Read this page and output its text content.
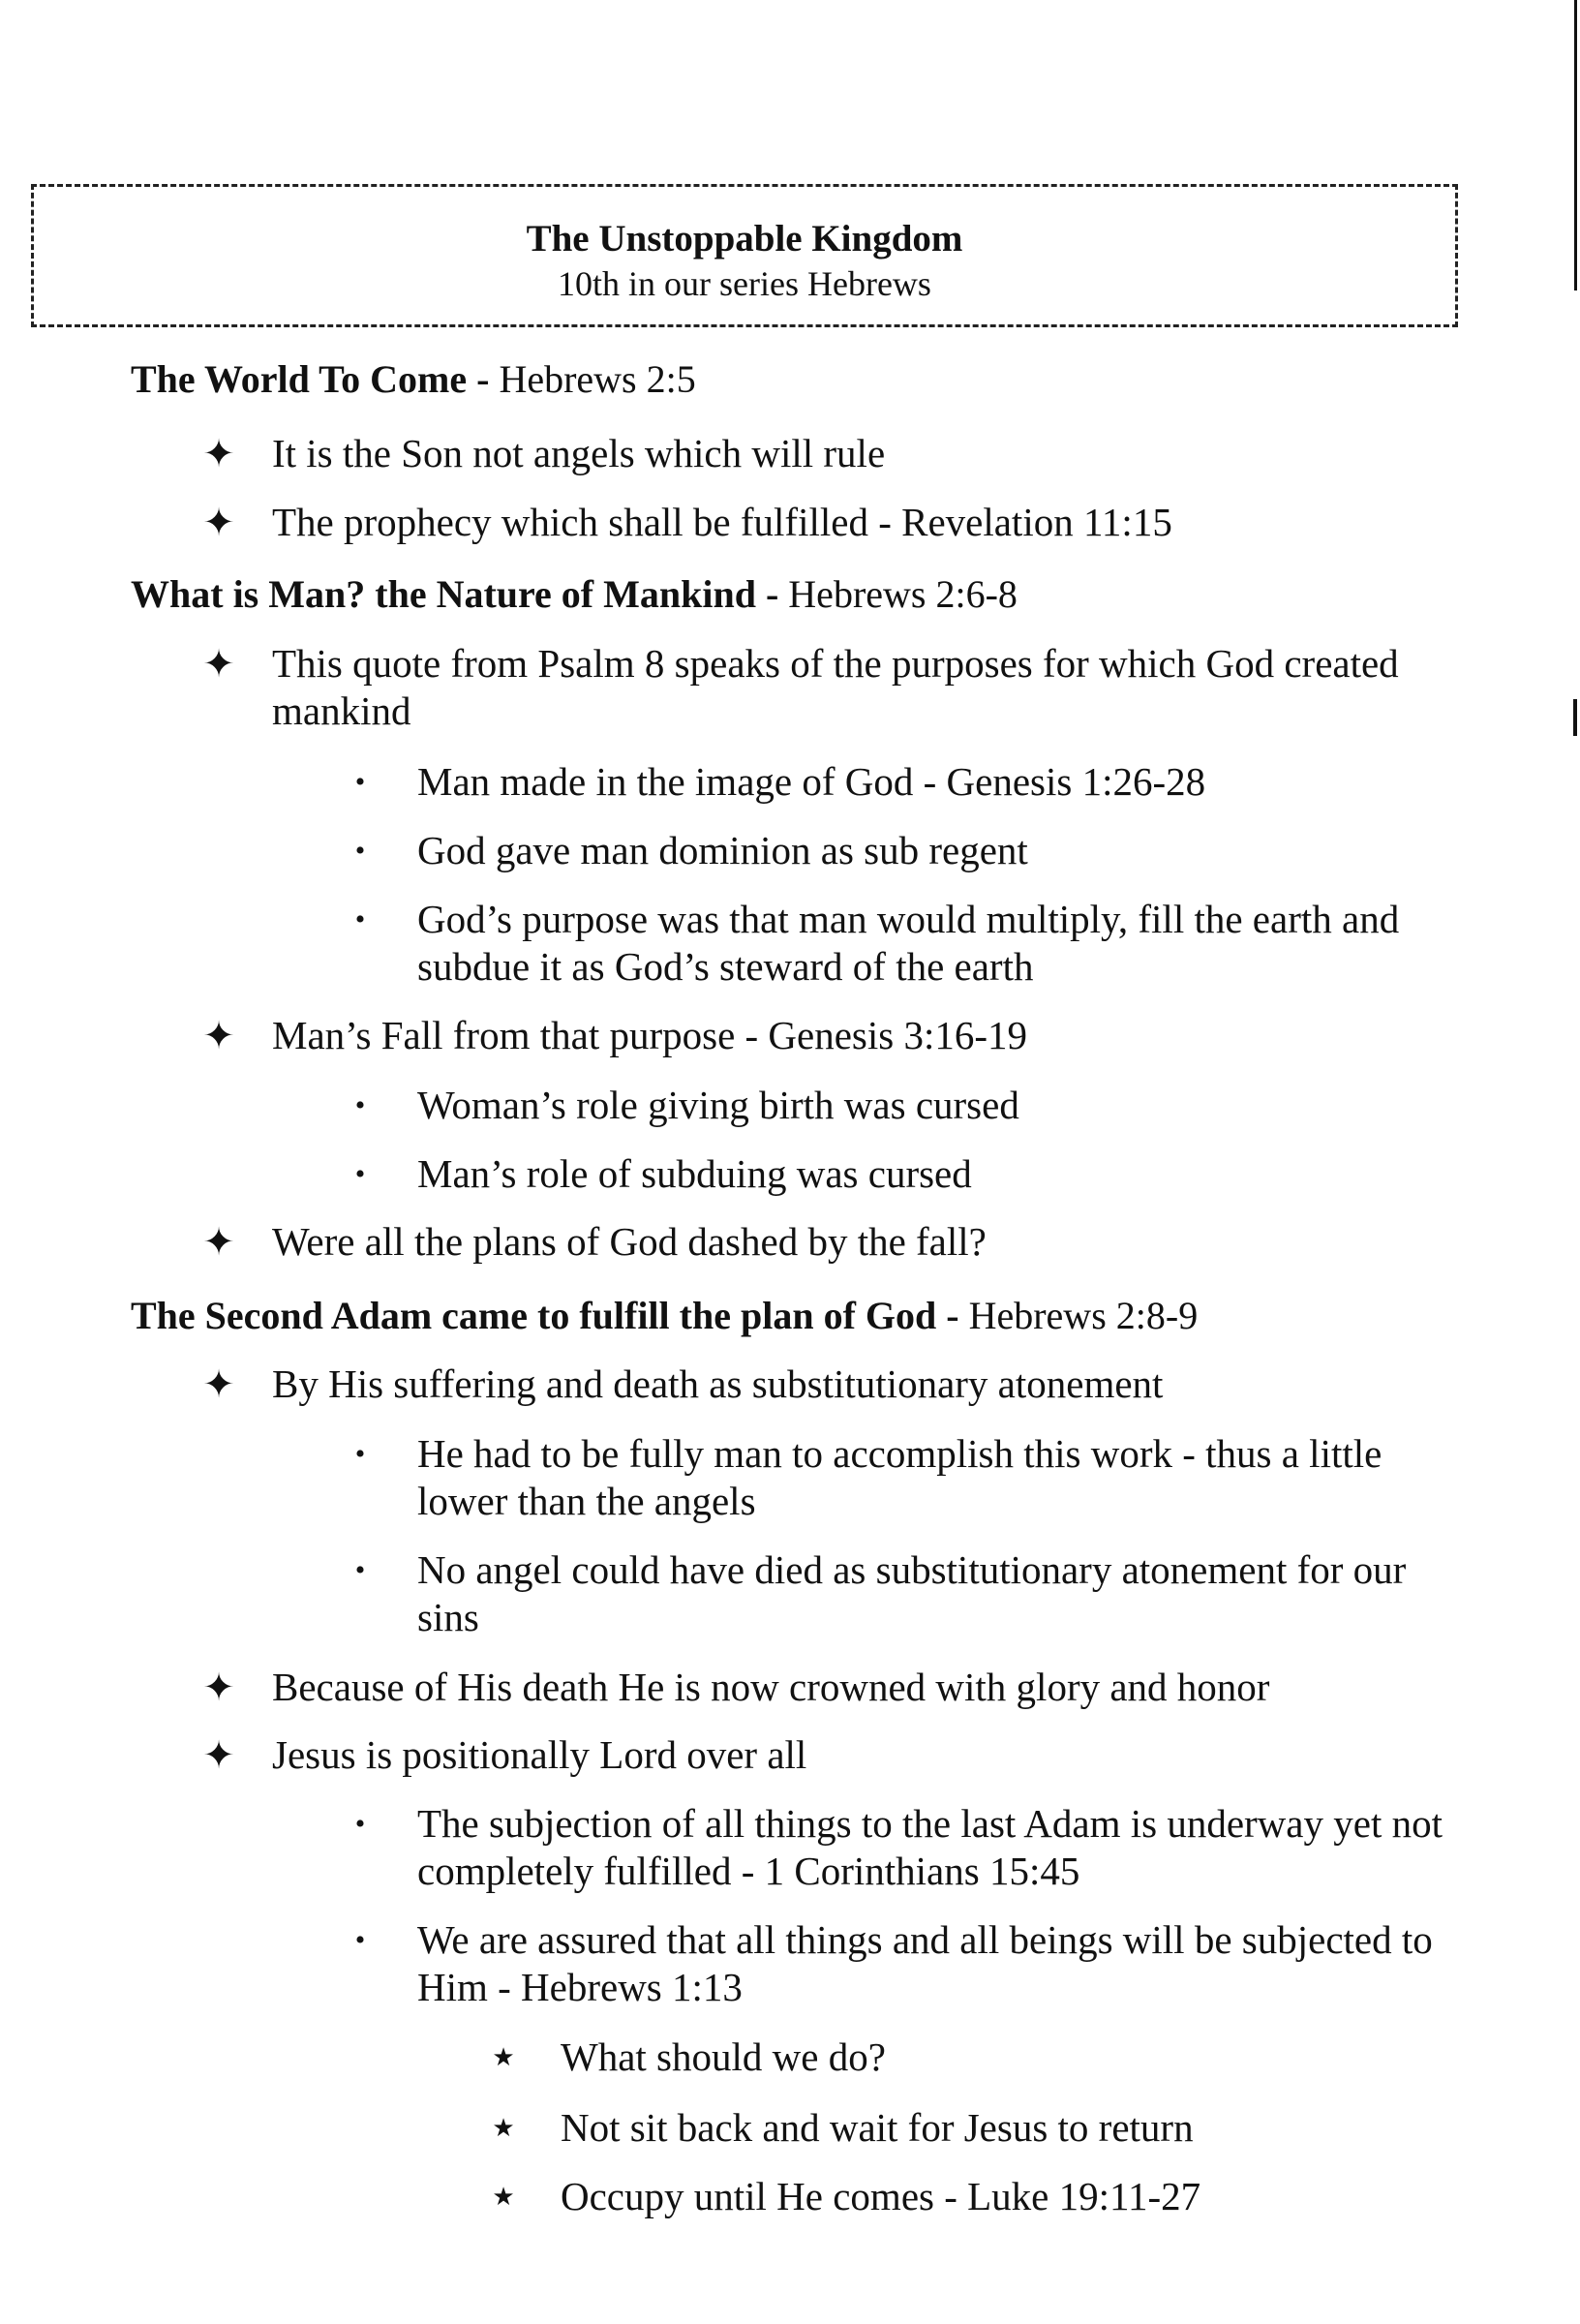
The Unstoppable Kingdom
10th in our series Hebrews
The World To Come - Hebrews 2:5
✦ It is the Son not angels which will rule
✦ The prophecy which shall be fulfilled - Revelation 11:15
What is Man? the Nature of Mankind - Hebrews 2:6-8
✦ This quote from Psalm 8 speaks of the purposes for which God created mankind
•	Man made in the image of God - Genesis 1:26-28
•	God gave man dominion as sub regent
•	God’s purpose was that man would multiply, fill the earth and subdue it as God’s steward of the earth
✦ Man’s Fall from that purpose - Genesis 3:16-19
•	Woman’s role giving birth was cursed
•	Man’s role of subduing was cursed
✦ Were all the plans of God dashed by the fall?
The Second Adam came to fulfill the plan of God - Hebrews 2:8-9
✦ By His suffering and death as substitutionary atonement
•	He had to be fully man to accomplish this work - thus a little lower than the angels
•	No angel could have died as substitutionary atonement for our sins
✦ Because of His death He is now crowned with glory and honor
✦ Jesus is positionally Lord over all
•	The subjection of all things to the last Adam is underway yet not completely fulfilled - 1 Corinthians 15:45
•	We are assured that all things and all beings will be subjected to Him - Hebrews 1:13
★ What should we do?
★ Not sit back and wait for Jesus to return
★ Occupy until He comes - Luke 19:11-27
